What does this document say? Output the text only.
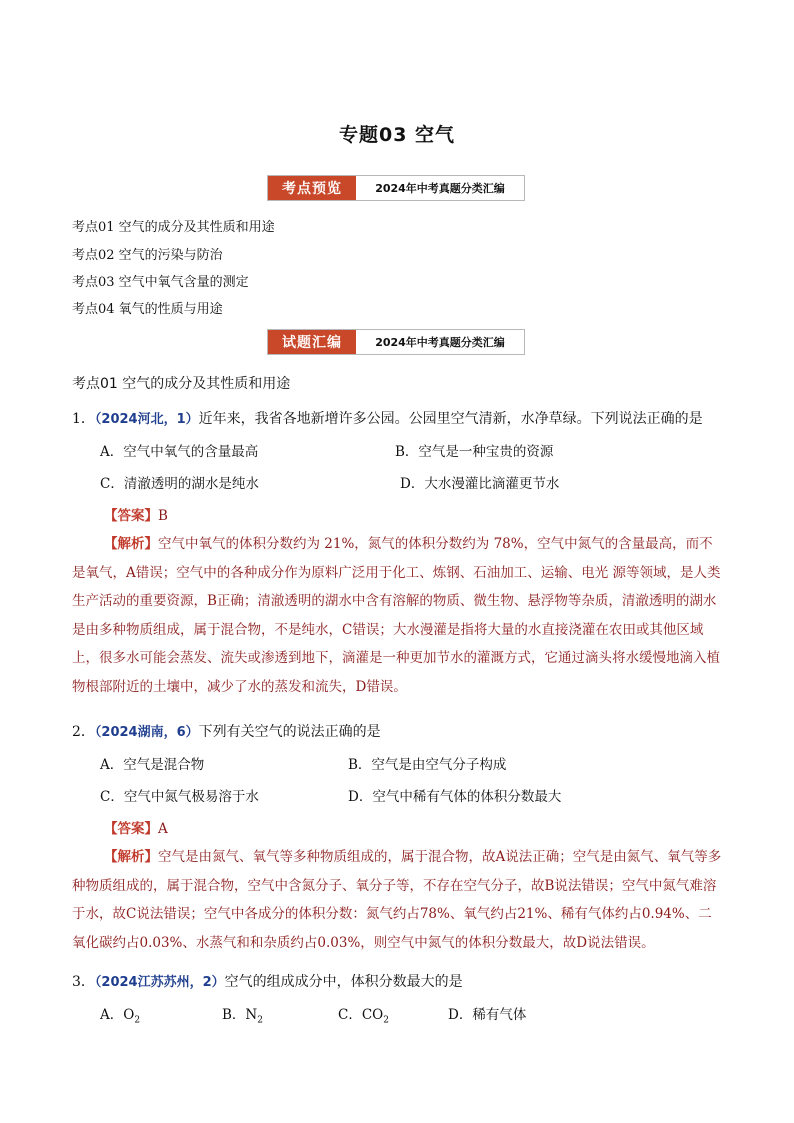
专题03 空气
考点预览	2024年中考真题分类汇编
考点01 空气的成分及其性质和用途
考点02 空气的污染与防治
考点03 空气中氧气含量的测定
考点04 氧气的性质与用途
试题汇编	2024年中考真题分类汇编
考点01 空气的成分及其性质和用途
1．（2024河北，1）近年来，我省各地新增许多公园。公园里空气清新，水净草绿。下列说法正确的是
A．空气中氧气的含量最高	B．空气是一种宝贵的资源
C．清澈透明的湖水是纯水	D．大水漫灌比滴灌更节水
【答案】B
【解析】空气中氧气的体积分数约为 21%，氮气的体积分数约为 78%，空气中氮气的含量最高，而不是氧气，A错误；空气中的各种成分作为原料广泛用于化工、炼钢、石油加工、运输、电光 源等领域，是人类生产活动的重要资源，B正确；清澈透明的湖水中含有溶解的物质、微生物、悬浮物等杂质，清澈透明的湖水是由多种物质组成，属于混合物，不是纯水，C错误；大水漫灌是指将大量的水直接浇灌在农田或其他区域上，很多水可能会蒸发、流失或渗透到地下，滴灌是一种更加节水的灌溉方式，它通过滴头将水缓慢地滴入植物根部附近的土壤中，减少了水的蒸发和流失，D错误。
2．（2024湖南，6）下列有关空气的说法正确的是
A．空气是混合物	B．空气是由空气分子构成
C．空气中氮气极易溶于水	D．空气中稀有气体的体积分数最大
【答案】A
【解析】空气是由氮气、氧气等多种物质组成的，属于混合物，故A说法正确；空气是由氮气、氧气等多种物质组成的，属于混合物，空气中含氮分子、氧分子等，不存在空气分子，故B说法错误；空气中氮气难溶于水，故C说法错误；空气中各成分的体积分数：氮气约占78%、氧气约占21%、稀有气体约占0.94%、二氧化碳约占0.03%、水蒸气和和杂质约占0.03%，则空气中氮气的体积分数最大，故D说法错误。
3．（2024江苏苏州，2）空气的组成成分中，体积分数最大的是
A．$O_2$	B．$N_2$	C．$CO_2$	D．稀有气体
